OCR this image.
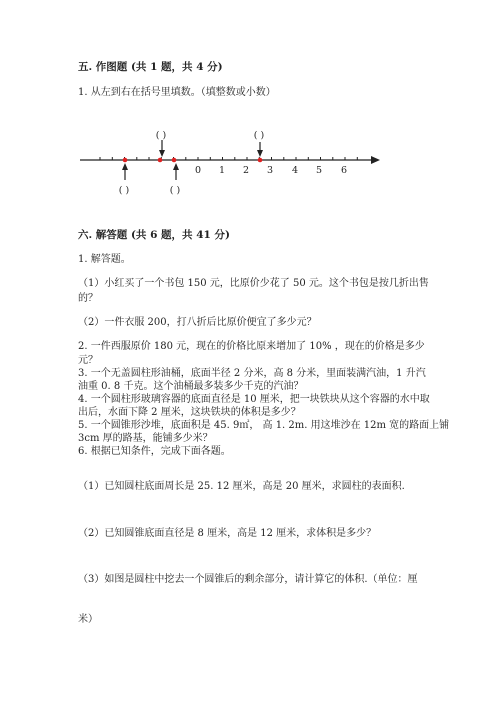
五. 作图题 (共 1 题，共 4 分)
1. 从左到右在括号里填数。（填整数或小数）
0 1 2 3 4 5 6
( )	( )
( )	( )
六. 解答题 (共 6 题，共 41 分)
1. 解答题。
（1）小红买了一个书包 150 元，比原价少花了 50 元。这个书包是按几折出售
的？
（2）一件衣服 200，打八折后比原价便宜了多少元？
2. 一件西服原价 180 元，现在的价格比原来增加了 10% ，现在的价格是多少
元？
3. 一个无盖圆柱形油桶，底面半径 2 分米，高 8 分米，里面装满汽油，1 升汽
油重 0. 8 千克。这个油桶最多装多少千克的汽油？
4. 一个圆柱形玻璃容器的底面直径是 10 厘米，把一块铁块从这个容器的水中取
出后，水面下降 2 厘米，这块铁块的体积是多少？
5. 一个圆锥形沙堆，底面积是 45. 9㎡， 高 1. 2m. 用这堆沙在 12m 宽的路面上铺
3cm 厚的路基，能铺多少米？
6. 根据已知条件，完成下面各题。
（1）已知圆柱底面周长是 25. 12 厘米，高是 20 厘米，求圆柱的表面积.
（2）已知圆锥底面直径是 8 厘米，高是 12 厘米，求体积是多少？
（3）如图是圆柱中挖去一个圆锥后的剩余部分，请计算它的体积.（单位：厘
米）
